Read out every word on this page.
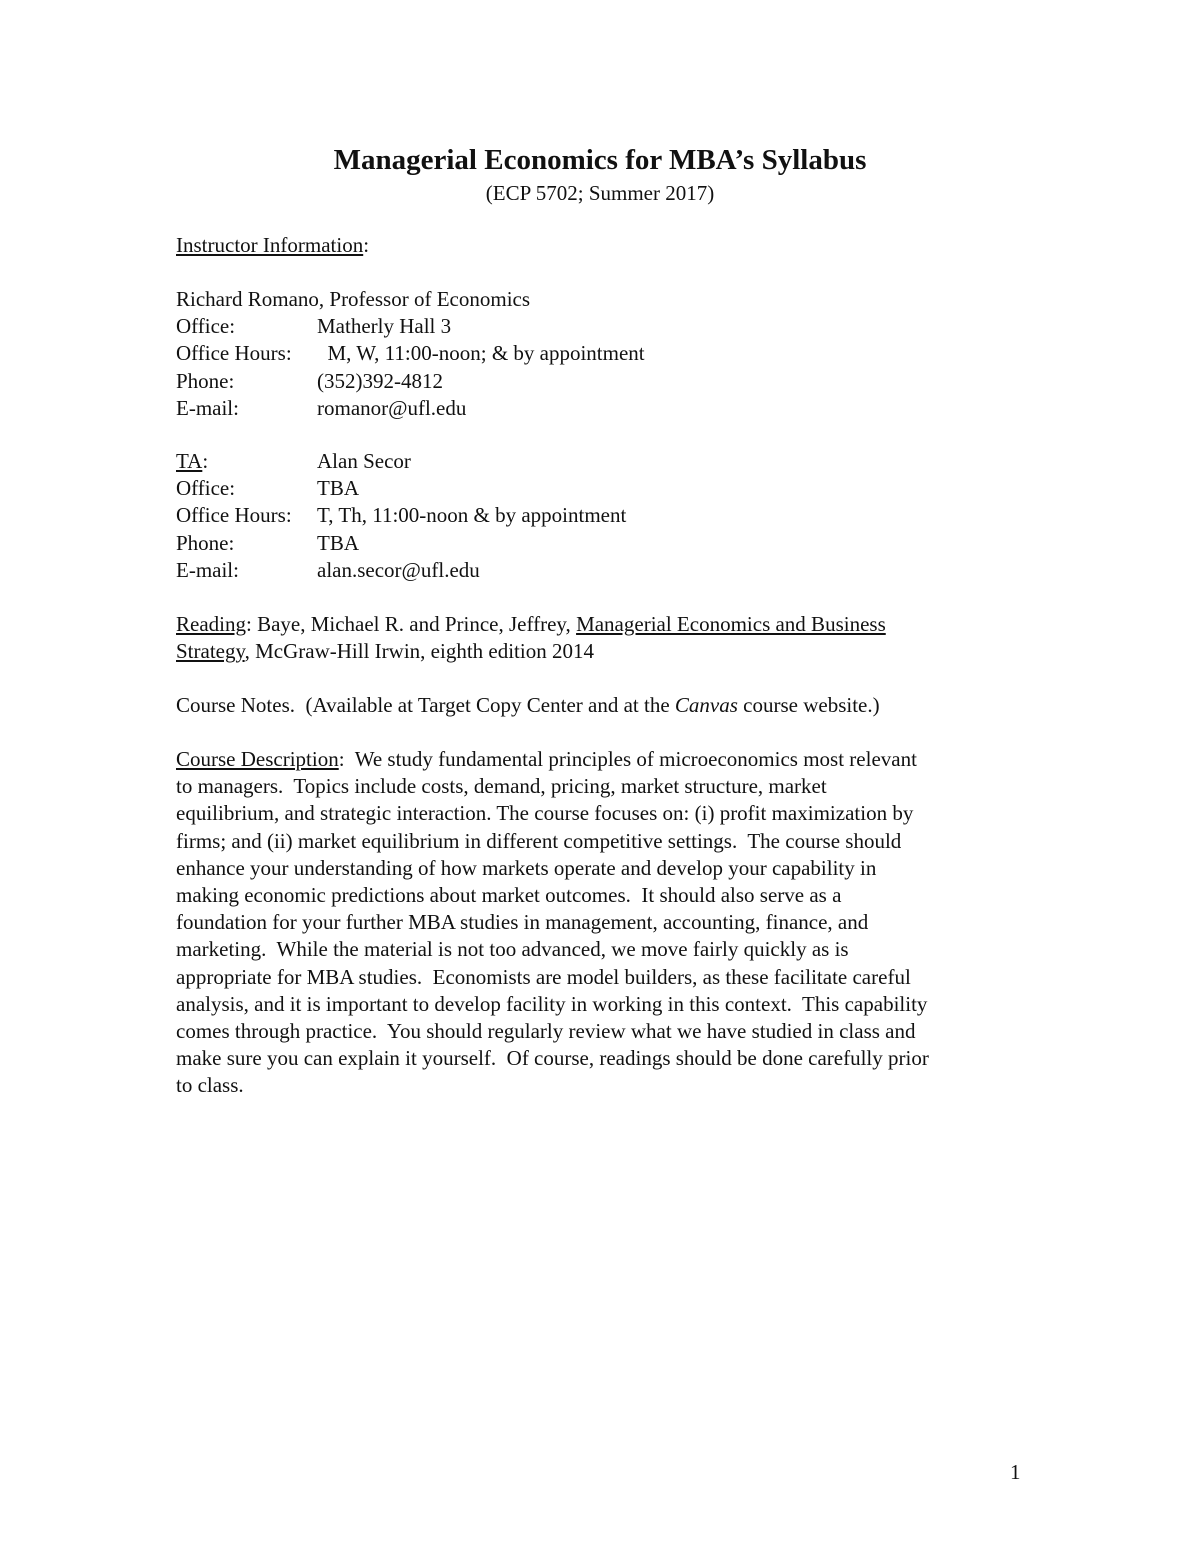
Managerial Economics for MBA’s Syllabus
(ECP 5702; Summer 2017)
Instructor Information:
Richard Romano, Professor of Economics
Office:	Matherly Hall 3
Office Hours:  M, W, 11:00-noon; & by appointment
Phone:	(352)392-4812
E-mail:	romanor@ufl.edu
TA:	Alan Secor
Office:	TBA
Office Hours: T, Th, 11:00-noon & by appointment
Phone:	TBA
E-mail:	alan.secor@ufl.edu
Reading: Baye, Michael R. and Prince, Jeffrey, Managerial Economics and Business
Strategy, McGraw-Hill Irwin, eighth edition 2014
Course Notes.  (Available at Target Copy Center and at the Canvas course website.)
Course Description:  We study fundamental principles of microeconomics most relevant
to managers.  Topics include costs, demand, pricing, market structure, market
equilibrium, and strategic interaction. The course focuses on: (i) profit maximization by
firms; and (ii) market equilibrium in different competitive settings.  The course should
enhance your understanding of how markets operate and develop your capability in
making economic predictions about market outcomes.  It should also serve as a
foundation for your further MBA studies in management, accounting, finance, and
marketing.  While the material is not too advanced, we move fairly quickly as is
appropriate for MBA studies.  Economists are model builders, as these facilitate careful
analysis, and it is important to develop facility in working in this context.  This capability
comes through practice.  You should regularly review what we have studied in class and
make sure you can explain it yourself.  Of course, readings should be done carefully prior
to class.
1
